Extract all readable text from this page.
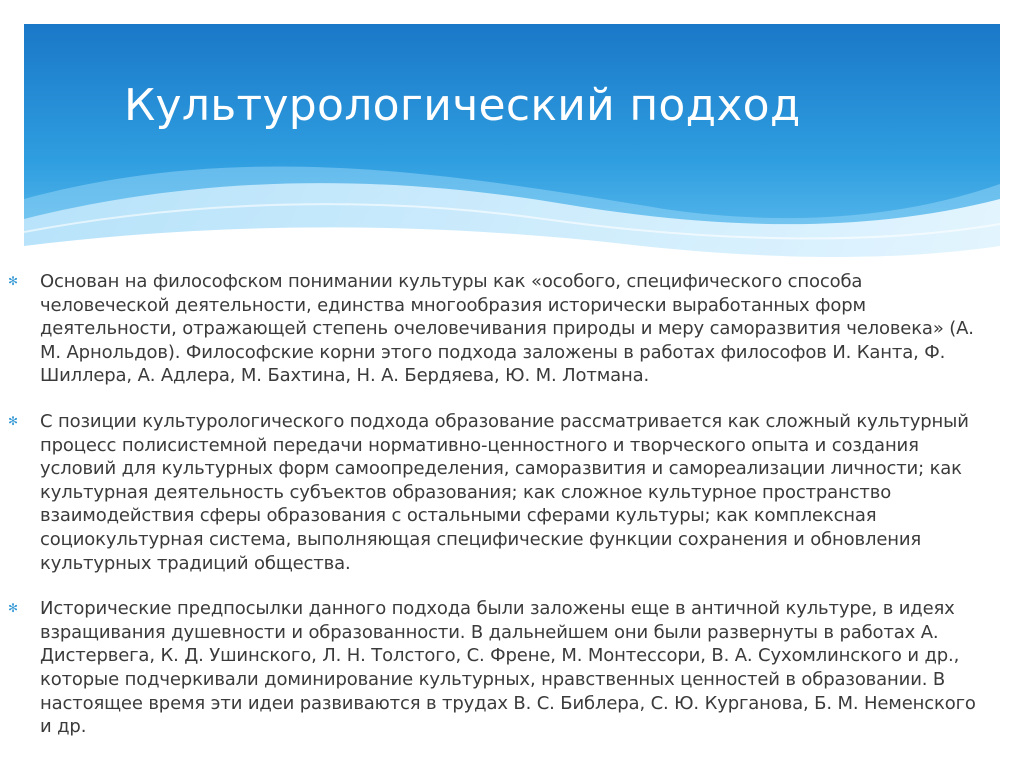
Культурологический подход
✻ Основан на философском понимании культуры как «особого, специфического способа человеческой деятельности, единства многообразия исторически выработанных форм деятельности, отражающей степень очеловечивания природы и меру саморазвития человека» (А. М. Арнольдов). Философские корни этого подхода заложены в работах философов И. Канта, Ф. Шиллера, А. Адлера, М. Бахтина, Н. А. Бердяева, Ю. М. Лотмана.
✻ С позиции культурологического подхода образование рассматривается как сложный культурный процесс полисистемной передачи нормативно-ценностного и творческого опыта и создания условий для культурных форм самоопределения, саморазвития и самореализации личности; как культурная деятельность субъектов образования; как сложное культурное пространство взаимодействия сферы образования с остальными сферами культуры; как комплексная социокультурная система, выполняющая специфические функции сохранения и обновления культурных традиций общества.
✻ Исторические предпосылки данного подхода были заложены еще в античной культуре, в идеях взращивания душевности и образованности. В дальнейшем они были развернуты в работах А. Дистервега, К. Д. Ушинского, Л. Н. Толстого, С. Френе, М. Монтессори, В. А. Сухомлинского и др., которые подчеркивали доминирование культурных, нравственных ценностей в образовании. В настоящее время эти идеи развиваются в трудах В. С. Библера, С. Ю. Курганова, Б. М. Неменского и др.
